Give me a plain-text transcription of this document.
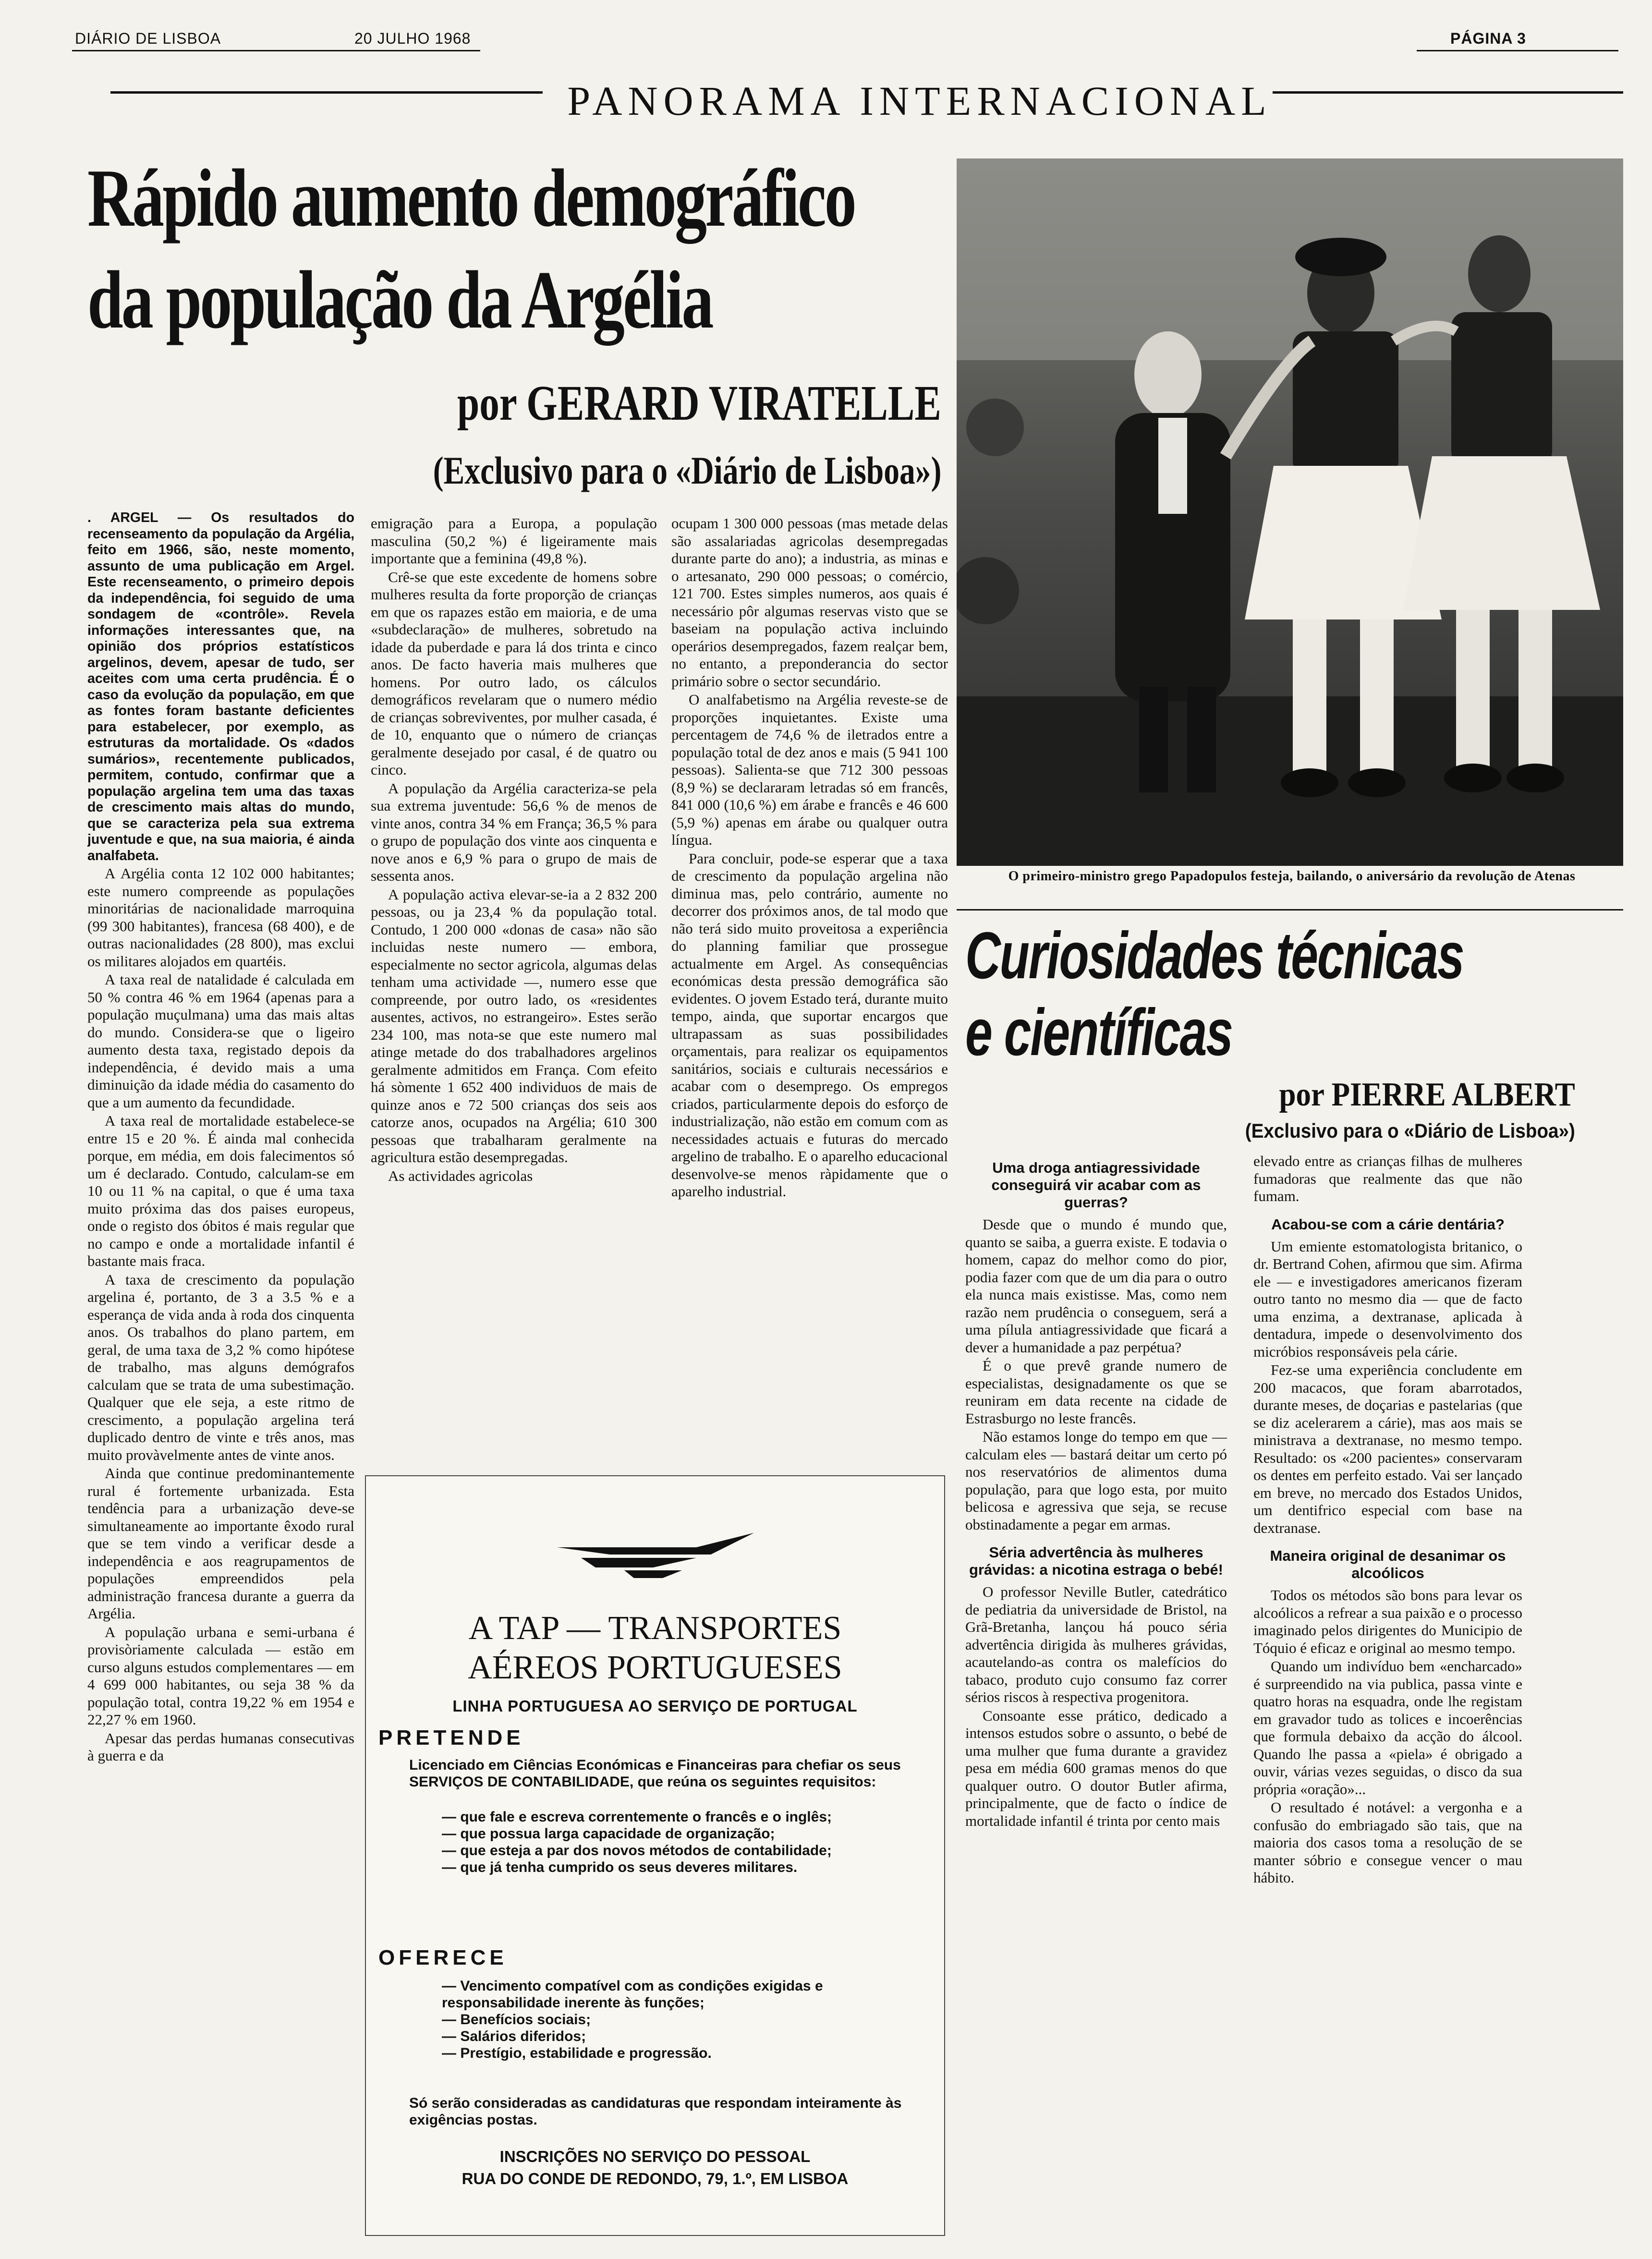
DIÁRIO DE LISBOA	20 JULHO 1968	PÁGINA 3
PANORAMA INTERNACIONAL
Rápido aumento demográfico
da população da Argélia
por GERARD VIRATELLE
(Exclusivo para o «Diário de Lisboa»)

. ARGEL — Os resultados do recenseamento da população da Argélia, feito em 1966, são, neste momento, assunto de uma publicação em Argel. Este recenseamento, o primeiro depois da independência, foi seguido de uma sondagem de «contrôle». Revela informações interessantes que, na opinião dos próprios estatísticos argelinos, devem, apesar de tudo, ser aceites com uma certa prudência. É o caso da evolução da população, em que as fontes foram bastante deficientes para estabelecer, por exemplo, as estruturas da mortalidade. Os «dados sumários», recentemente publicados, permitem, contudo, confirmar que a população argelina tem uma das taxas de crescimento mais altas do mundo, que se caracteriza pela sua extrema juventude e que, na sua maioria, é ainda analfabeta.

A Argélia conta 12 102 000 habitantes; este numero compreende as populações minoritárias de nacionalidade marroquina (99 300 habitantes), francesa (68 400), e de outras nacionalidades (28 800), mas exclui os militares alojados em quartéis.

A taxa real de natalidade é calculada em 50 % contra 46 % em 1964 (apenas para a população muçulmana) uma das mais altas do mundo. Considera-se que o ligeiro aumento desta taxa, registado depois da independência, é devido mais a uma diminuição da idade média do casamento do que a um aumento da fecundidade.

A taxa real de mortalidade estabelece-se entre 15 e 20 %. É ainda mal conhecida porque, em média, em dois falecimentos só um é declarado. Contudo, calculam-se em 10 ou 11 % na capital, o que é uma taxa muito próxima das dos paises europeus, onde o registo dos óbitos é mais regular que no campo e onde a mortalidade infantil é bastante mais fraca.

A taxa de crescimento da população argelina é, portanto, de 3 a 3.5 % e a esperança de vida anda à roda dos cinquenta anos. Os trabalhos do plano partem, em geral, de uma taxa de 3,2 % como hipótese de trabalho, mas alguns demógrafos calculam que se trata de uma subestimação. Qualquer que ele seja, a este ritmo de crescimento, a população argelina terá duplicado dentro de vinte e três anos, mas muito provàvelmente antes de vinte anos.

Ainda que continue predominantemente rural é fortemente urbanizada. Esta tendência para a urbanização deve-se simultaneamente ao importante êxodo rural que se tem vindo a verificar desde a independência e aos reagrupamentos de populações empreendidos pela administração francesa durante a guerra da Argélia.

A população urbana e semi-urbana é provisòriamente calculada — estão em curso alguns estudos complementares — em 4 699 000 habitantes, ou seja 38 % da população total, contra 19,22 % em 1954 e 22,27 % em 1960.

Apesar das perdas humanas consecutivas à guerra e da

emigração para a Europa, a população masculina (50,2 %) é ligeiramente mais importante que a feminina (49,8 %).

Crê-se que este excedente de homens sobre mulheres resulta da forte proporção de crianças em que os rapazes estão em maioria, e de uma «subdeclaração» de mulheres, sobretudo na idade da puberdade e para lá dos trinta e cinco anos. De facto haveria mais mulheres que homens. Por outro lado, os cálculos demográficos revelaram que o numero médio de crianças sobreviventes, por mulher casada, é de 10, enquanto que o número de crianças geralmente desejado por casal, é de quatro ou cinco.

A população da Argélia caracteriza-se pela sua extrema juventude: 56,6 % de menos de vinte anos, contra 34 % em França; 36,5 % para o grupo de população dos vinte aos cinquenta e nove anos e 6,9 % para o grupo de mais de sessenta anos.

A população activa elevar-se-ia a 2 832 200 pessoas, ou ja 23,4 % da população total. Contudo, 1 200 000 «donas de casa» não são incluidas neste numero — embora, especialmente no sector agricola, algumas delas tenham uma actividade —, numero esse que compreende, por outro lado, os «residentes ausentes, activos, no estrangeiro». Estes serão 234 100, mas nota-se que este numero mal atinge metade do dos trabalhadores argelinos geralmente admitidos em França. Com efeito há sòmente 1 652 400 individuos de mais de quinze anos e 72 500 crianças dos seis aos catorze anos, ocupados na Argélia; 610 300 pessoas que trabalharam geralmente na agricultura estão desempregadas.

As actividades agricolas

ocupam 1 300 000 pessoas (mas metade delas são assalariadas agricolas desempregadas durante parte do ano); a industria, as minas e o artesanato, 290 000 pessoas; o comércio, 121 700. Estes simples numeros, aos quais é necessário pôr algumas reservas visto que se baseiam na população activa incluindo operários desempregados, fazem realçar bem, no entanto, a preponderancia do sector primário sobre o sector secundário.

O analfabetismo na Argélia reveste-se de proporções inquietantes. Existe uma percentagem de 74,6 % de iletrados entre a população total de dez anos e mais (5 941 100 pessoas). Salienta-se que 712 300 pessoas (8,9 %) se declararam letradas só em francês, 841 000 (10,6 %) em árabe e francês e 46 600 (5,9 %) apenas em árabe ou qualquer outra língua.

Para concluir, pode-se esperar que a taxa de crescimento da população argelina não diminua mas, pelo contrário, aumente no decorrer dos próximos anos, de tal modo que não terá sido muito proveitosa a experiência do planning familiar que prossegue actualmente em Argel. As consequências económicas desta pressão demográfica são evidentes. O jovem Estado terá, durante muito tempo, ainda, que suportar encargos que ultrapassam as suas possibilidades orçamentais, para realizar os equipamentos sanitários, sociais e culturais necessários e acabar com o desemprego. Os empregos criados, particularmente depois do esforço de industrialização, não estão em comum com as necessidades actuais e futuras do mercado argelino de trabalho. E o aparelho educacional desenvolve-se menos ràpidamente que o aparelho industrial.

O primeiro-ministro grego Papadopulos festeja, bailando, o aniversário da revolução de Atenas
Curiosidades técnicas
e científicas
por PIERRE ALBERT
(Exclusivo para o «Diário de Lisboa»)
Uma droga antiagressividade conseguirá vir acabar com as guerras?

Desde que o mundo é mundo que, quanto se saiba, a guerra existe. E todavia o homem, capaz do melhor como do pior, podia fazer com que de um dia para o outro ela nunca mais existisse. Mas, como nem razão nem prudência o conseguem, será a uma pílula antiagressividade que ficará a dever a humanidade a paz perpétua?

É o que prevê grande numero de especialistas, designadamente os que se reuniram em data recente na cidade de Estrasburgo no leste francês.

Não estamos longe do tempo em que — calculam eles — bastará deitar um certo pó nos reservatórios de alimentos duma população, para que logo esta, por muito belicosa e agressiva que seja, se recuse obstinadamente a pegar em armas.

Séria advertência às mulheres grávidas: a nicotina estraga o bebé!

O professor Neville Butler, catedrático de pediatria da universidade de Bristol, na Grã-Bretanha, lançou há pouco séria advertência dirigida às mulheres grávidas, acautelando-as contra os malefícios do tabaco, produto cujo consumo faz correr sérios riscos à respectiva progenitora.

Consoante esse prático, dedicado a intensos estudos sobre o assunto, o bebé de uma mulher que fuma durante a gravidez pesa em média 600 gramas menos do que qualquer outro. O doutor Butler afirma, principalmente, que de facto o índice de mortalidade infantil é trinta por cento mais

elevado entre as crianças filhas de mulheres fumadoras que realmente das que não fumam.

Acabou-se com a cárie dentária?

Um emiente estomatologista britanico, o dr. Bertrand Cohen, afirmou que sim. Afirma ele — e investigadores americanos fizeram outro tanto no mesmo dia — que de facto uma enzima, a dextranase, aplicada à dentadura, impede o desenvolvimento dos micróbios responsáveis pela cárie.

Fez-se uma experiência concludente em 200 macacos, que foram abarrotados, durante meses, de doçarias e pastelarias (que se diz acelerarem a cárie), mas aos mais se ministrava a dextranase, no mesmo tempo. Resultado: os «200 pacientes» conservaram os dentes em perfeito estado. Vai ser lançado em breve, no mercado dos Estados Unidos, um dentifrico especial com base na dextranase.

Maneira original de desanimar os alcoólicos

Todos os métodos são bons para levar os alcoólicos a refrear a sua paixão e o processo imaginado pelos dirigentes do Municipio de Tóquio é eficaz e original ao mesmo tempo.

Quando um indivíduo bem «encharcado» é surpreendido na via publica, passa vinte e quatro horas na esquadra, onde lhe registam em gravador tudo as tolices e incoerências que formula debaixo da acção do álcool. Quando lhe passa a «piela» é obrigado a ouvir, várias vezes seguidas, o disco da sua própria «oração»...

O resultado é notável: a vergonha e a confusão do embriagado são tais, que na maioria dos casos toma a resolução de se manter sóbrio e consegue vencer o mau hábito.

A TAP — TRANSPORTES
AÉREOS PORTUGUESES
LINHA PORTUGUESA AO SERVIÇO DE PORTUGAL
PRETENDE
Licenciado em Ciências Económicas e Financeiras para chefiar os seus SERVIÇOS DE CONTABILIDADE, que reúna os seguintes requisitos:
— que fale e escreva correntemente o francês e o inglês;
— que possua larga capacidade de organização;
— que esteja a par dos novos métodos de contabilidade;
— que já tenha cumprido os seus deveres militares.
OFERECE
— Vencimento compatível com as condições exigidas e responsabilidade inerente às funções;
— Benefícios sociais;
— Salários diferidos;
— Prestígio, estabilidade e progressão.
Só serão consideradas as candidaturas que respondam inteiramente às exigências postas.
INSCRIÇÕES NO SERVIÇO DO PESSOAL
RUA DO CONDE DE REDONDO, 79, 1.º, EM LISBOA
